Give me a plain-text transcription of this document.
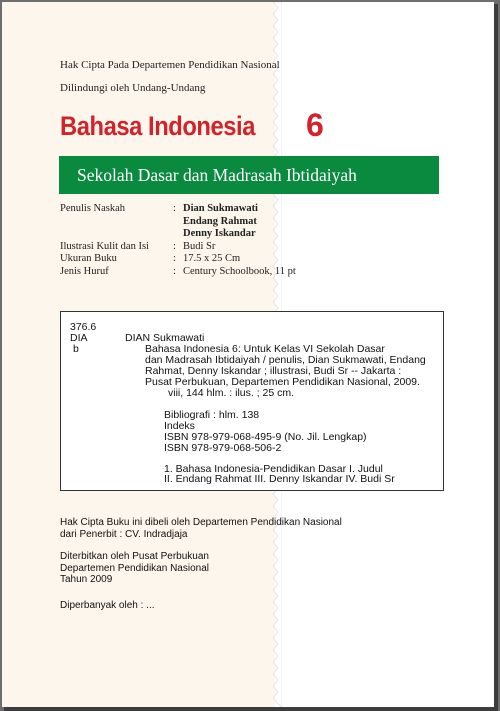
Hak Cipta Pada Departemen Pendidikan Nasional
Dilindungi oleh Undang-Undang
Bahasa Indonesia 6
Sekolah Dasar dan Madrasah Ibtidaiyah
Penulis Naskah	: Dian Sukmawati
Endang Rahmat
Denny Iskandar
Ilustrasi Kulit dan Isi	: Budi Sr
Ukuran Buku	: 17.5 x 25 Cm
Jenis Huruf	: Century Schoolbook, 11 pt
376.6
DIA
b
DIAN Sukmawati
Bahasa Indonesia 6: Untuk Kelas VI Sekolah Dasar
dan Madrasah Ibtidaiyah / penulis, Dian Sukmawati, Endang
Rahmat, Denny Iskandar ; illustrasi, Budi Sr -- Jakarta :
Pusat Perbukuan, Departemen Pendidikan Nasional, 2009.
viii, 144 hlm. : ilus. ; 25 cm.
Bibliografi : hlm. 138
Indeks
ISBN 978-979-068-495-9 (No. Jil. Lengkap)
ISBN 978-979-068-506-2
1. Bahasa Indonesia-Pendidikan Dasar I. Judul
II. Endang Rahmat III. Denny Iskandar IV. Budi Sr
Hak Cipta Buku ini dibeli oleh Departemen Pendidikan Nasional
dari Penerbit : CV. Indradjaja
Diterbitkan oleh Pusat Perbukuan
Departemen Pendidikan Nasional
Tahun 2009
Diperbanyak oleh : ...
